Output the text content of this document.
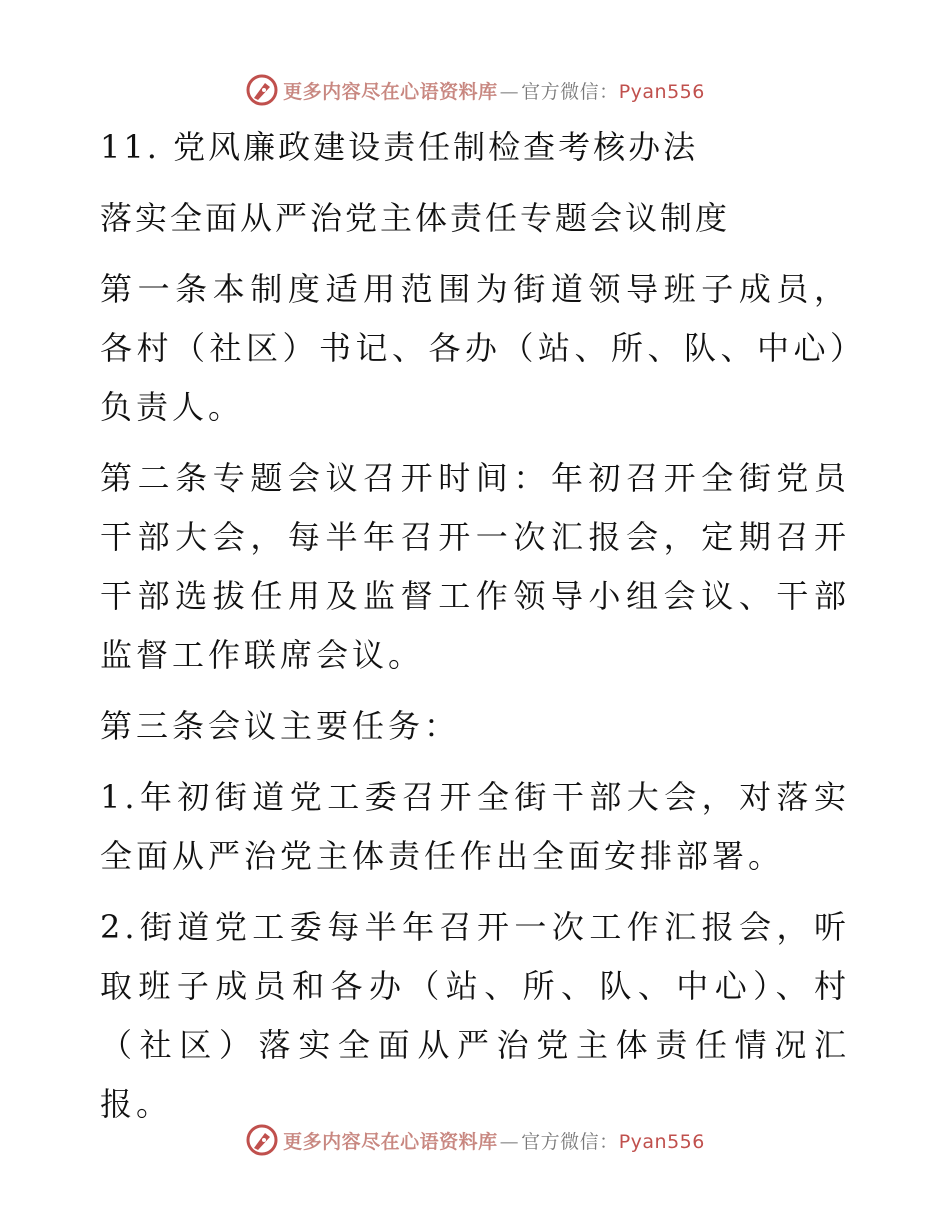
更多内容尽在心语资料库 — 官方微信：Pyan556

11. 党风廉政建设责任制检查考核办法

落实全面从严治党主体责任专题会议制度

第一条本制度适用范围为街道领导班子成员，各村（社区）书记、各办（站、所、队、中心）负责人。

第二条专题会议召开时间：年初召开全街党员干部大会，每半年召开一次汇报会，定期召开干部选拔任用及监督工作领导小组会议、干部监督工作联席会议。

第三条会议主要任务：

1.年初街道党工委召开全街干部大会，对落实全面从严治党主体责任作出全面安排部署。

2.街道党工委每半年召开一次工作汇报会，听取班子成员和各办（站、所、队、中心）、村（社区）落实全面从严治党主体责任情况汇报。

更多内容尽在心语资料库 — 官方微信：Pyan556
